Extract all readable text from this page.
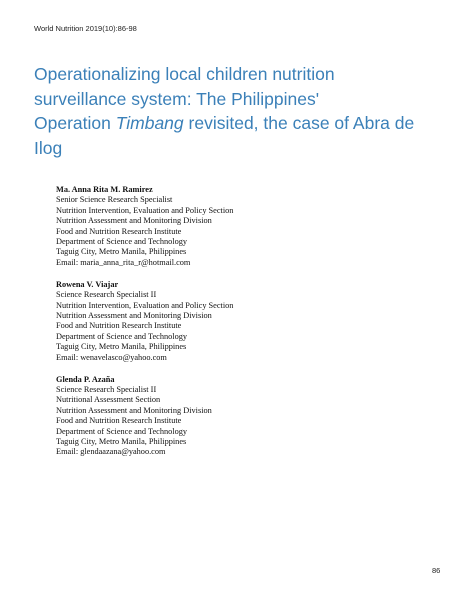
World Nutrition 2019(10):86-98
Operationalizing local children nutrition
surveillance system: The Philippines'
Operation Timbang revisited, the case of Abra de
Ilog
Ma. Anna Rita M. Ramirez
Senior Science Research Specialist
Nutrition Intervention, Evaluation and Policy Section
Nutrition Assessment and Monitoring Division
Food and Nutrition Research Institute
Department of Science and Technology
Taguig City, Metro Manila, Philippines
Email: maria_anna_rita_r@hotmail.com
Rowena V. Viajar
Science Research Specialist II
Nutrition Intervention, Evaluation and Policy Section
Nutrition Assessment and Monitoring Division
Food and Nutrition Research Institute
Department of Science and Technology
Taguig City, Metro Manila, Philippines
Email: wenavelasco@yahoo.com
Glenda P. Azaña
Science Research Specialist II
Nutritional Assessment Section
Nutrition Assessment and Monitoring Division
Food and Nutrition Research Institute
Department of Science and Technology
Taguig City, Metro Manila, Philippines
Email: glendaazana@yahoo.com
86
